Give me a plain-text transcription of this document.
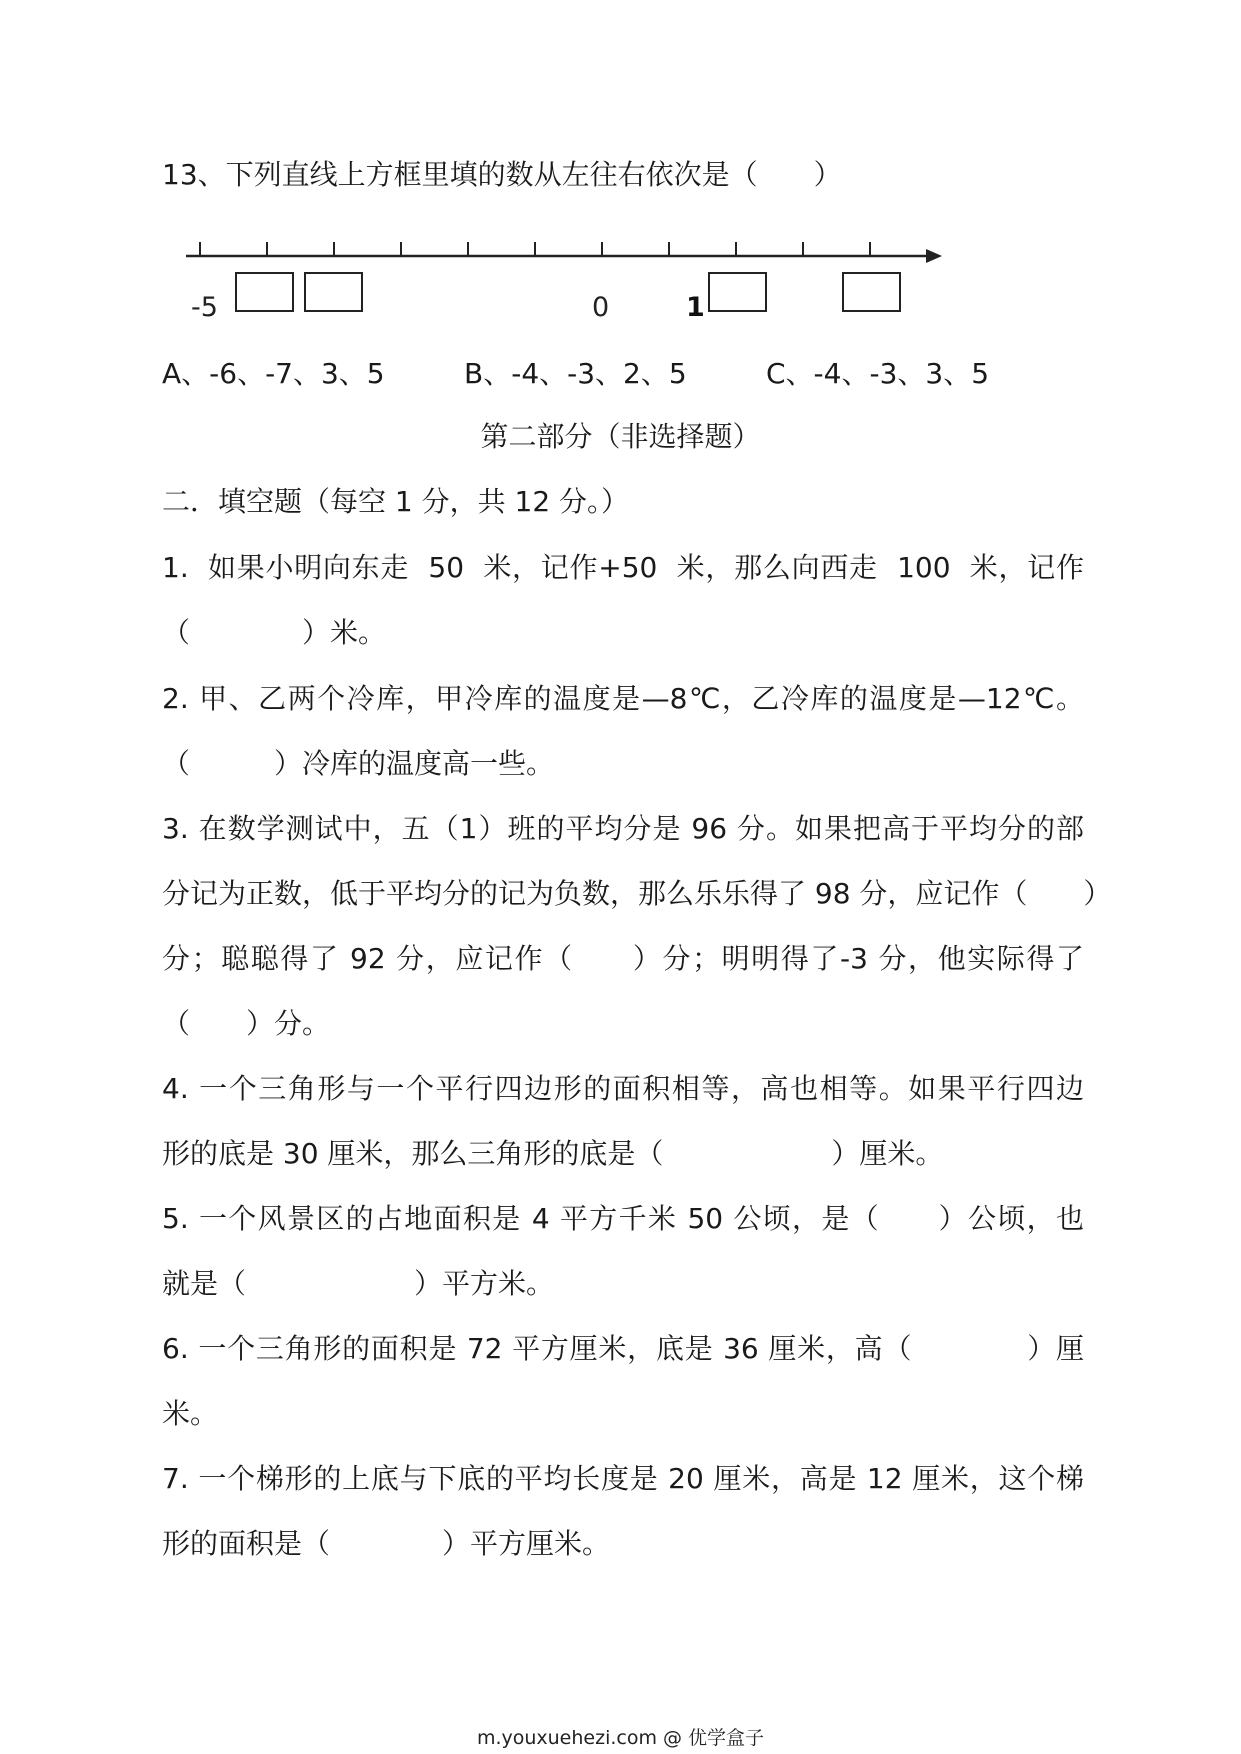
13、下列直线上方框里填的数从左往右依次是（　　）
-5	0	1
A、-6、-7、3、5	B、-4、-3、2、5	C、-4、-3、3、5
第二部分（非选择题）
二．填空题（每空 1 分，共 12 分。）
1.  如果小明向东走  50  米，记作+50  米，那么向西走  100  米，记作
（　　　　）米。
2. 甲、乙两个冷库，甲冷库的温度是—8℃，乙冷库的温度是—12℃。
（　　　）冷库的温度高一些。
3. 在数学测试中，五（1）班的平均分是 96 分。如果把高于平均分的部
分记为正数，低于平均分的记为负数，那么乐乐得了 98 分，应记作（　　）
分；聪聪得了 92 分，应记作（　　）分；明明得了-3 分，他实际得了
（　　）分。
4. 一个三角形与一个平行四边形的面积相等，高也相等。如果平行四边
形的底是 30 厘米，那么三角形的底是（　　　　　　）厘米。
5. 一个风景区的占地面积是 4 平方千米 50 公顷，是（　　）公顷，也
就是（　　　　　　）平方米。
6. 一个三角形的面积是 72 平方厘米，底是 36 厘米，高（　　　　）厘
米。
7. 一个梯形的上底与下底的平均长度是 20 厘米，高是 12 厘米，这个梯
形的面积是（　　　　）平方厘米。
m.youxuehezi.com @ 优学盒子
